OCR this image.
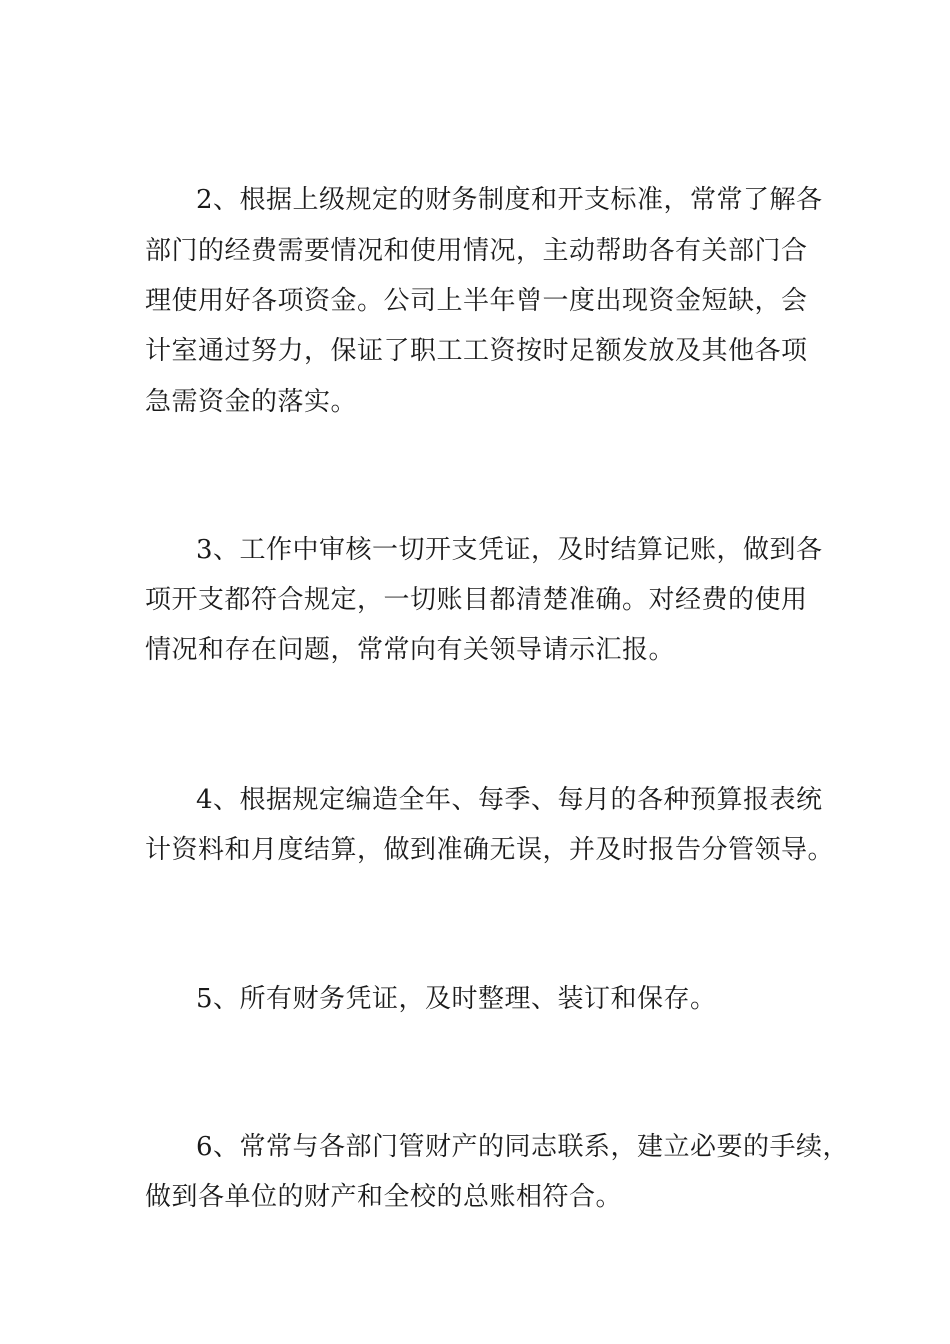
2、根据上级规定的财务制度和开支标准，常常了解各
部门的经费需要情况和使用情况，主动帮助各有关部门合
理使用好各项资金。公司上半年曾一度出现资金短缺，会
计室通过努力，保证了职工工资按时足额发放及其他各项
急需资金的落实。
3、工作中审核一切开支凭证，及时结算记账，做到各
项开支都符合规定，一切账目都清楚准确。对经费的使用
情况和存在问题，常常向有关领导请示汇报。
4、根据规定编造全年、每季、每月的各种预算报表统
计资料和月度结算，做到准确无误，并及时报告分管领导。
5、所有财务凭证，及时整理、装订和保存。
6、常常与各部门管财产的同志联系，建立必要的手续，
做到各单位的财产和全校的总账相符合。
